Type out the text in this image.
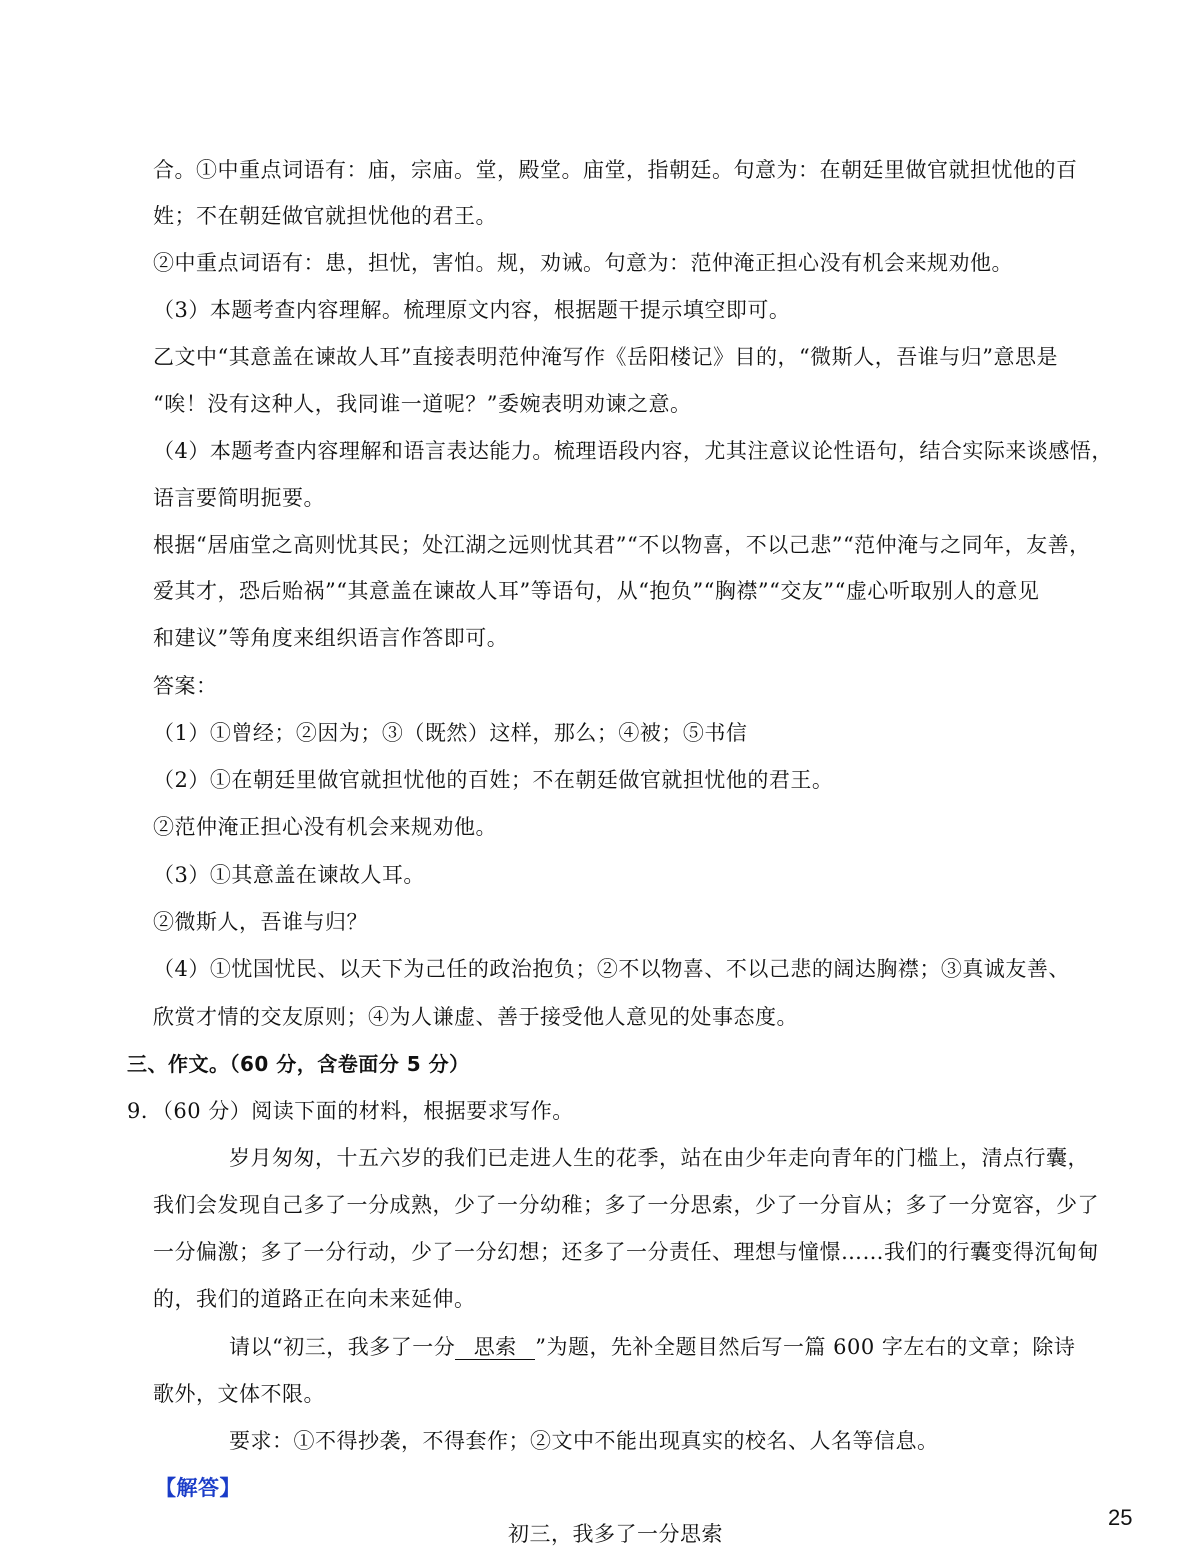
合。①中重点词语有：庙，宗庙。堂，殿堂。庙堂，指朝廷。句意为：在朝廷里做官就担忧他的百
姓；不在朝廷做官就担忧他的君王。
②中重点词语有：患，担忧，害怕。规，劝诫。句意为：范仲淹正担心没有机会来规劝他。
（3）本题考查内容理解。梳理原文内容，根据题干提示填空即可。
乙文中“其意盖在谏故人耳”直接表明范仲淹写作《岳阳楼记》目的，“微斯人，吾谁与归”意思是
“唉！没有这种人，我同谁一道呢？”委婉表明劝谏之意。
（4）本题考查内容理解和语言表达能力。梳理语段内容，尤其注意议论性语句，结合实际来谈感悟，
语言要简明扼要。
根据“居庙堂之高则忧其民；处江湖之远则忧其君”“不以物喜，不以己悲”“范仲淹与之同年，友善，
爱其才，恐后贻祸”“其意盖在谏故人耳”等语句，从“抱负”“胸襟”“交友”“虚心听取别人的意见
和建议”等角度来组织语言作答即可。
答案：
（1）①曾经；②因为；③（既然）这样，那么；④被；⑤书信
（2）①在朝廷里做官就担忧他的百姓；不在朝廷做官就担忧他的君王。
②范仲淹正担心没有机会来规劝他。
（3）①其意盖在谏故人耳。
②微斯人，吾谁与归？
（4）①忧国忧民、以天下为己任的政治抱负；②不以物喜、不以己悲的阔达胸襟；③真诚友善、
欣赏才情的交友原则；④为人谦虚、善于接受他人意见的处事态度。
三、作文。（60 分，含卷面分 5 分）
9．（60 分）阅读下面的材料，根据要求写作。
岁月匆匆，十五六岁的我们已走进人生的花季，站在由少年走向青年的门槛上，清点行囊，
我们会发现自己多了一分成熟，少了一分幼稚；多了一分思索，少了一分盲从；多了一分宽容，少了
一分偏激；多了一分行动，少了一分幻想；还多了一分责任、理想与憧憬……我们的行囊变得沉甸甸
的，我们的道路正在向未来延伸。
请以“初三，我多了一分 思索 ”为题，先补全题目然后写一篇 600 字左右的文章；除诗
歌外，文体不限。
要求：①不得抄袭，不得套作；②文中不能出现真实的校名、人名等信息。
【解答】
25
初三，我多了一分思索
